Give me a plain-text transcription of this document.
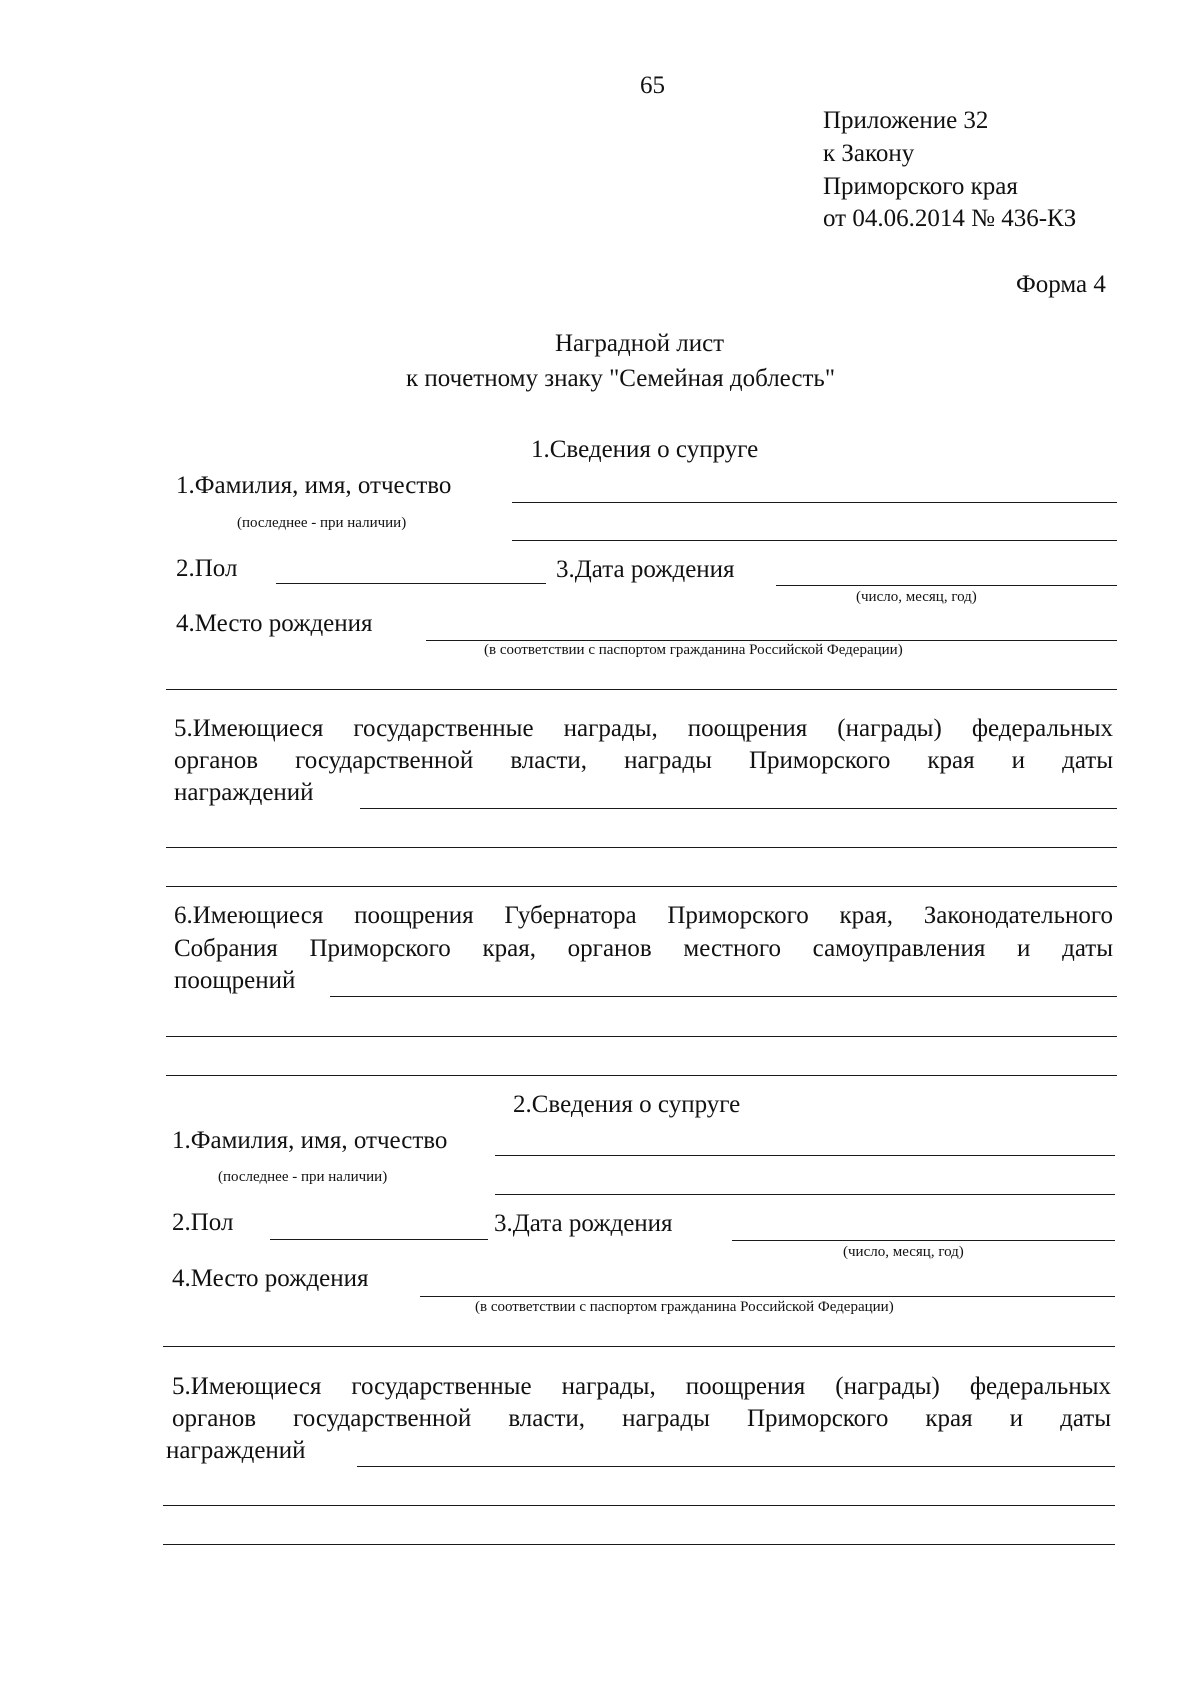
65
Приложение 32
к Закону
Приморского края
от 04.06.2014 № 436-КЗ
Форма 4
Наградной лист
к почетному знаку "Семейная доблесть"
1.Сведения о супруге
1.Фамилия, имя, отчество
(последнее - при наличии)
2.Пол	3.Дата рождения
(число, месяц, год)
4.Место рождения
(в соответствии с паспортом гражданина Российской Федерации)
5.Имеющиеся государственные награды, поощрения (награды) федеральных
органов государственной власти, награды Приморского края и даты
награждений
6.Имеющиеся поощрения Губернатора Приморского края, Законодательного
Собрания Приморского края, органов местного самоуправления и даты
поощрений
2.Сведения о супруге
1.Фамилия, имя, отчество
(последнее - при наличии)
2.Пол	3.Дата рождения
(число, месяц, год)
4.Место рождения
(в соответствии с паспортом гражданина Российской Федерации)
5.Имеющиеся государственные награды, поощрения (награды) федеральных
органов государственной власти, награды Приморского края и даты
награждений
